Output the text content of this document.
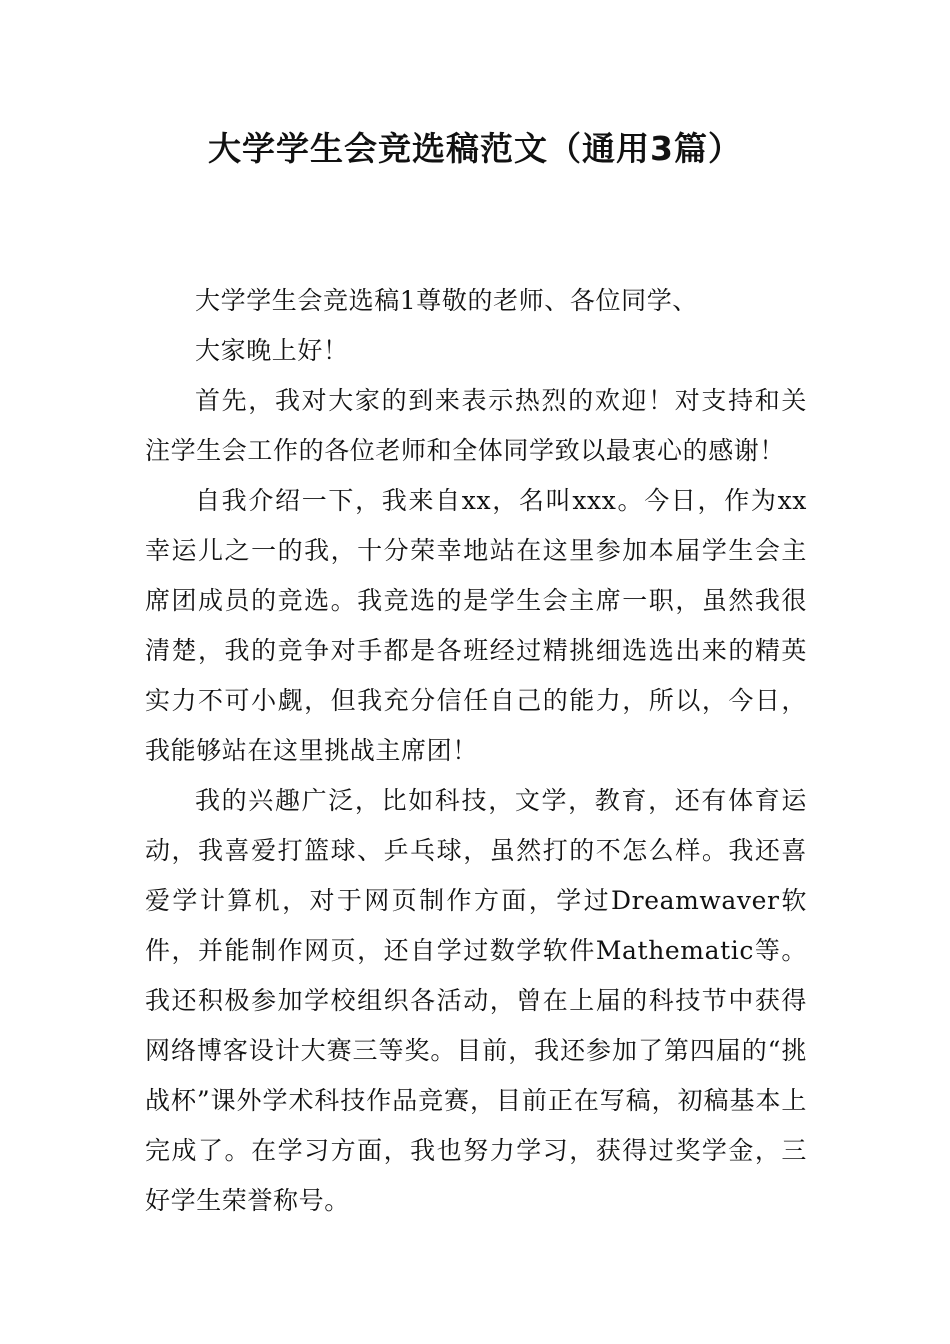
大学学生会竞选稿范文（通用3篇）

大学学生会竞选稿1尊敬的老师、各位同学、

大家晚上好！

首先，我对大家的到来表示热烈的欢迎！对支持和关注学生会工作的各位老师和全体同学致以最衷心的感谢！

自我介绍一下，我来自xx，名叫xxx。今日，作为xx幸运儿之一的我，十分荣幸地站在这里参加本届学生会主席团成员的竞选。我竞选的是学生会主席一职，虽然我很清楚，我的竞争对手都是各班经过精挑细选选出来的精英实力不可小觑，但我充分信任自己的能力，所以，今日，我能够站在这里挑战主席团！

我的兴趣广泛，比如科技，文学，教育，还有体育运动，我喜爱打篮球、乒乓球，虽然打的不怎么样。我还喜爱学计算机，对于网页制作方面，学过Dreamwaver软件，并能制作网页，还自学过数学软件Mathematic等。我还积极参加学校组织各活动，曾在上届的科技节中获得网络博客设计大赛三等奖。目前，我还参加了第四届的“挑战杯”课外学术科技作品竞赛，目前正在写稿，初稿基本上完成了。在学习方面，我也努力学习，获得过奖学金，三好学生荣誉称号。
